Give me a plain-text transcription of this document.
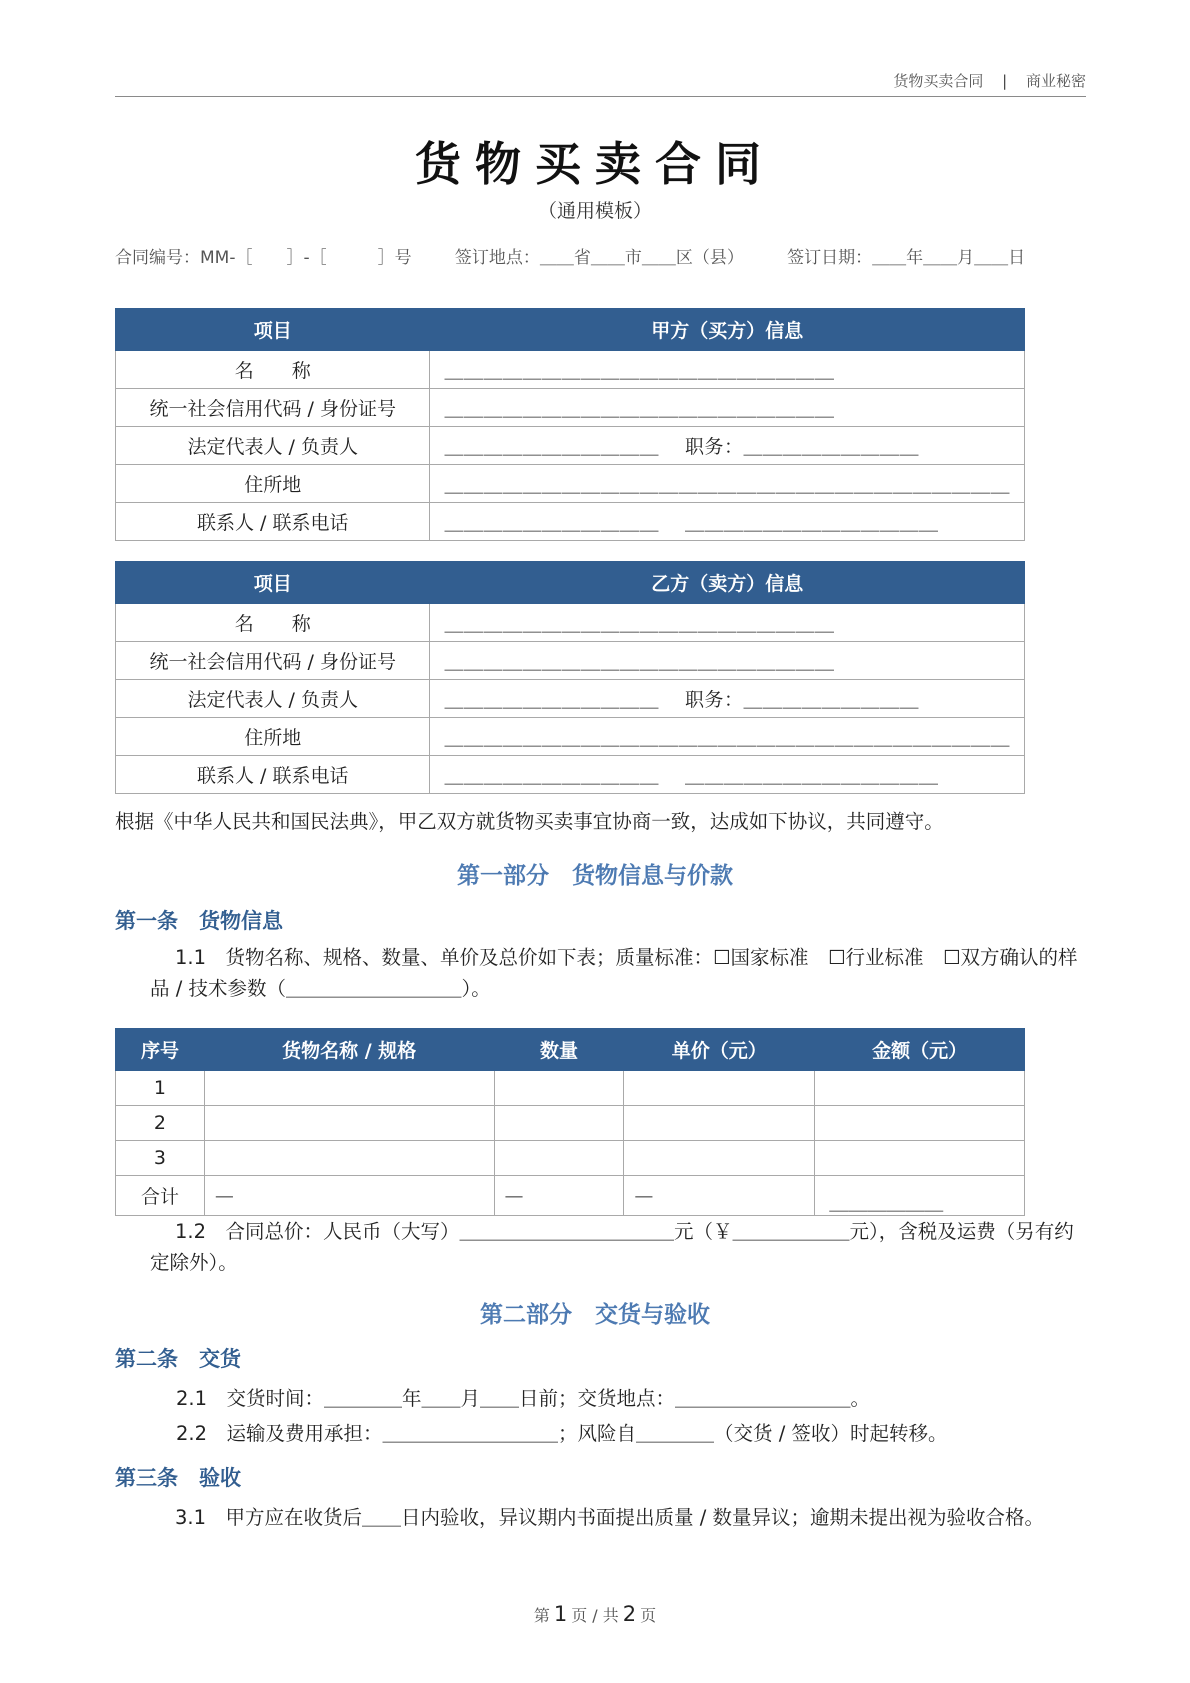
货物买卖合同 | 商业秘密
货物买卖合同
（通用模板）
合同编号：MM-［　　］-［　　　］号	签订地点：＿＿省＿＿市＿＿区（县）	签订日期：＿＿年＿＿月＿＿日
项目	甲方（买方）信息
名　　称	＿＿＿＿＿＿＿＿＿＿＿＿＿＿＿＿＿＿＿＿
统一社会信用代码 / 身份证号	＿＿＿＿＿＿＿＿＿＿＿＿＿＿＿＿＿＿＿＿
法定代表人 / 负责人	＿＿＿＿＿＿＿＿＿＿＿　 职务：＿＿＿＿＿＿＿＿＿
住所地	＿＿＿＿＿＿＿＿＿＿＿＿＿＿＿＿＿＿＿＿＿＿＿＿＿＿＿＿＿
联系人 / 联系电话	＿＿＿＿＿＿＿＿＿＿＿　 ＿＿＿＿＿＿＿＿＿＿＿＿＿
项目	乙方（卖方）信息
名　　称	＿＿＿＿＿＿＿＿＿＿＿＿＿＿＿＿＿＿＿＿
统一社会信用代码 / 身份证号	＿＿＿＿＿＿＿＿＿＿＿＿＿＿＿＿＿＿＿＿
法定代表人 / 负责人	＿＿＿＿＿＿＿＿＿＿＿　 职务：＿＿＿＿＿＿＿＿＿
住所地	＿＿＿＿＿＿＿＿＿＿＿＿＿＿＿＿＿＿＿＿＿＿＿＿＿＿＿＿＿
联系人 / 联系电话	＿＿＿＿＿＿＿＿＿＿＿　 ＿＿＿＿＿＿＿＿＿＿＿＿＿
根据《中华人民共和国民法典》，甲乙双方就货物买卖事宜协商一致，达成如下协议，共同遵守。
第一部分　货物信息与价款
第一条　货物信息
1.1　货物名称、规格、数量、单价及总价如下表；质量标准：☐国家标准　☐行业标准　☐双方确认的样品 / 技术参数（＿＿＿＿＿＿＿＿＿）。
序号	货物名称 / 规格	数量	单价（元）	金额（元）
1				
2				
3				
合计	—	—	—	＿＿＿＿＿＿
1.2　合同总价：人民币（大写）＿＿＿＿＿＿＿＿＿＿＿元（￥＿＿＿＿＿＿元），含税及运费（另有约定除外）。
第二部分　交货与验收
第二条　交货
2.1　交货时间：＿＿＿＿年＿＿月＿＿日前；交货地点：＿＿＿＿＿＿＿＿＿。
2.2　运输及费用承担：＿＿＿＿＿＿＿＿＿；风险自＿＿＿＿（交货 / 签收）时起转移。
第三条　验收
3.1　甲方应在收货后＿＿日内验收，异议期内书面提出质量 / 数量异议；逾期未提出视为验收合格。
第 1 页 / 共 2 页
